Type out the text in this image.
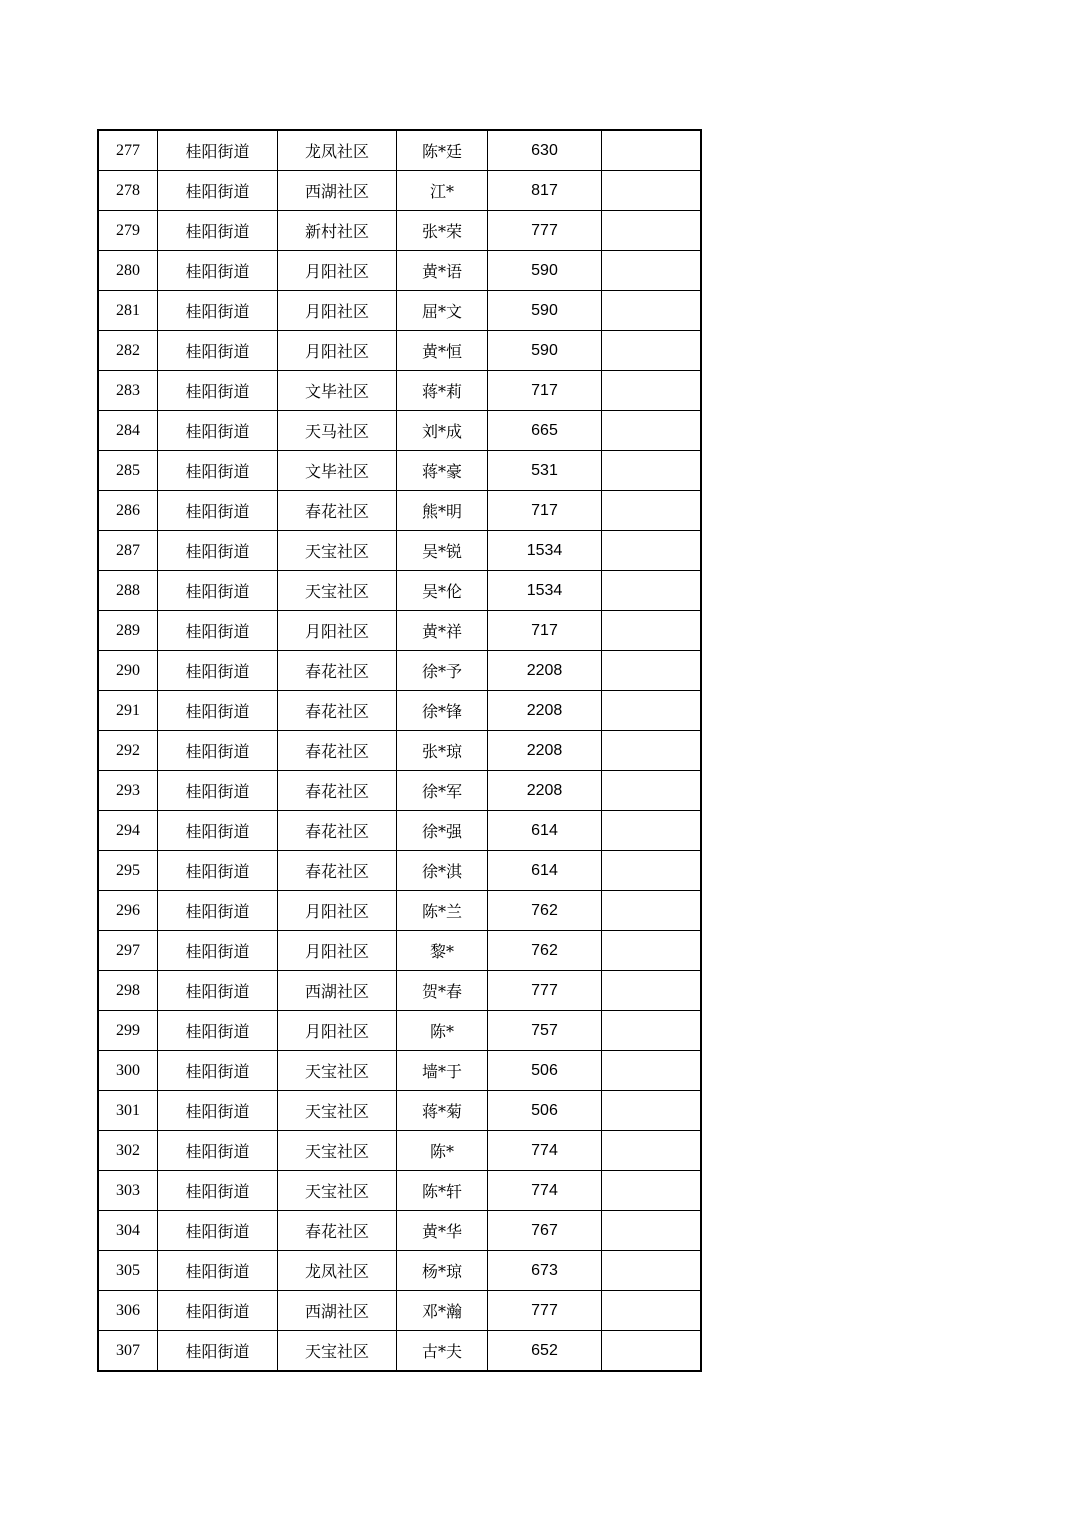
277	桂阳街道	龙凤社区	陈*廷	630	
278	桂阳街道	西湖社区	江*	817	
279	桂阳街道	新村社区	张*荣	777	
280	桂阳街道	月阳社区	黄*语	590	
281	桂阳街道	月阳社区	屈*文	590	
282	桂阳街道	月阳社区	黄*恒	590	
283	桂阳街道	文毕社区	蒋*莉	717	
284	桂阳街道	天马社区	刘*成	665	
285	桂阳街道	文毕社区	蒋*豪	531	
286	桂阳街道	春花社区	熊*明	717	
287	桂阳街道	天宝社区	吴*锐	1534	
288	桂阳街道	天宝社区	吴*伦	1534	
289	桂阳街道	月阳社区	黄*祥	717	
290	桂阳街道	春花社区	徐*予	2208	
291	桂阳街道	春花社区	徐*锋	2208	
292	桂阳街道	春花社区	张*琼	2208	
293	桂阳街道	春花社区	徐*军	2208	
294	桂阳街道	春花社区	徐*强	614	
295	桂阳街道	春花社区	徐*淇	614	
296	桂阳街道	月阳社区	陈*兰	762	
297	桂阳街道	月阳社区	黎*	762	
298	桂阳街道	西湖社区	贺*春	777	
299	桂阳街道	月阳社区	陈*	757	
300	桂阳街道	天宝社区	墙*于	506	
301	桂阳街道	天宝社区	蒋*菊	506	
302	桂阳街道	天宝社区	陈*	774	
303	桂阳街道	天宝社区	陈*轩	774	
304	桂阳街道	春花社区	黄*华	767	
305	桂阳街道	龙凤社区	杨*琼	673	
306	桂阳街道	西湖社区	邓*瀚	777	
307	桂阳街道	天宝社区	古*夫	652	
